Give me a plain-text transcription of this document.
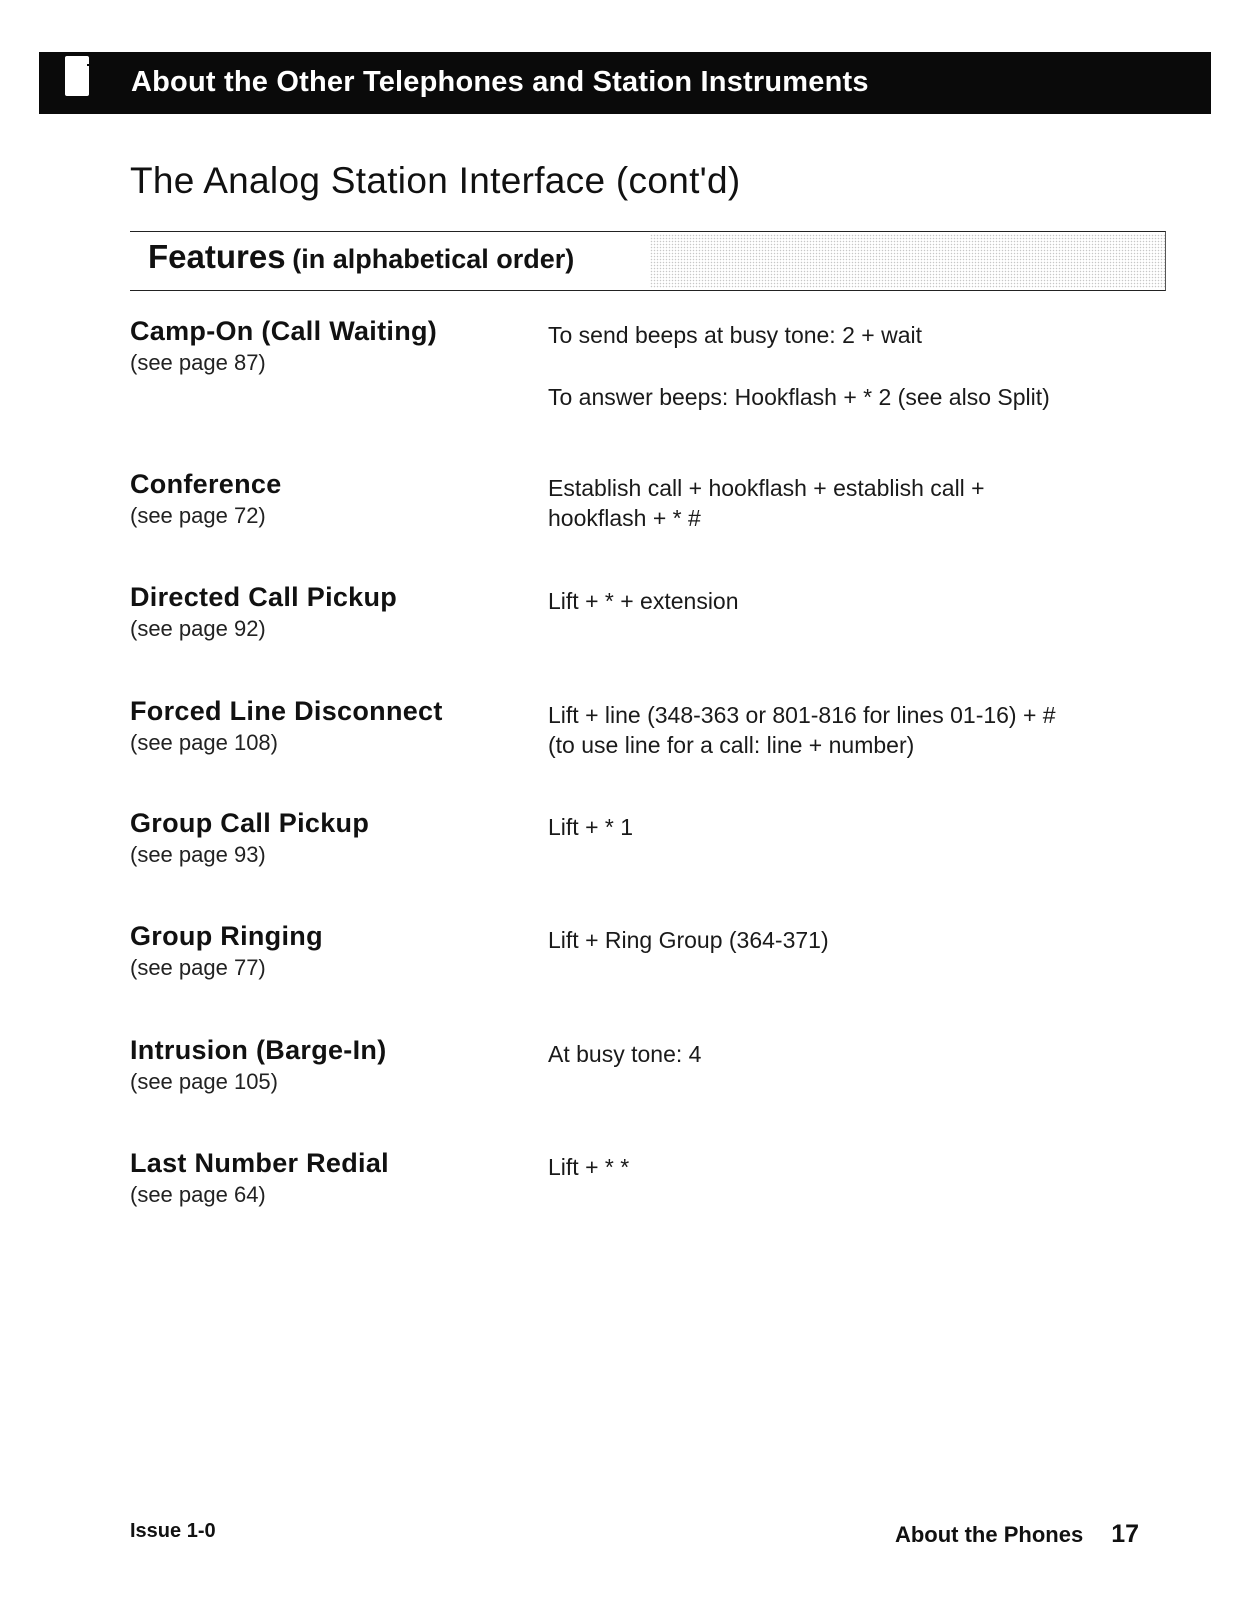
About the Other Telephones and Station Instruments
The Analog Station Interface (cont'd)
Features (in alphabetical order)
Camp-On (Call Waiting)
(see page 87)
To send beeps at busy tone: 2 + wait
To answer beeps: Hookflash + * 2 (see also Split)
Conference
(see page 72)
Establish call + hookflash + establish call +
hookflash + * #
Directed Call Pickup
(see page 92)
Lift + * + extension
Forced Line Disconnect
(see page 108)
Lift + line (348-363 or 801-816 for lines 01-16) + #
(to use line for a call: line + number)
Group Call Pickup
(see page 93)
Lift + * 1
Group Ringing
(see page 77)
Lift + Ring Group (364-371)
Intrusion (Barge-In)
(see page 105)
At busy tone: 4
Last Number Redial
(see page 64)
Lift + * *
Issue 1-0	About the Phones 17
